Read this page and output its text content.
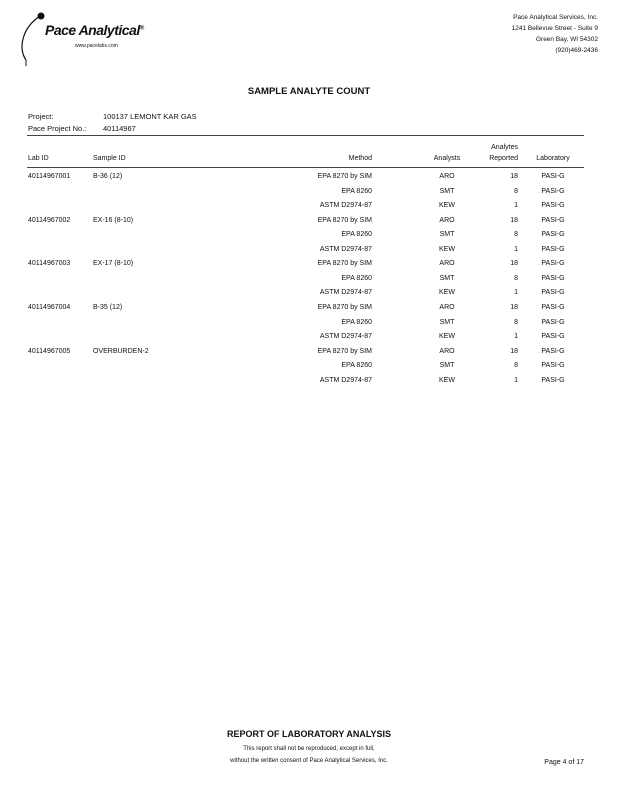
Pace Analytical®
www.pacelabs.com
Pace Analytical Services, Inc.
1241 Bellevue Street - Suite 9
Green Bay, WI 54302
(920)469-2436
SAMPLE ANALYTE COUNT
Project:	100137 LEMONT KAR GAS
Pace Project No.: 40114967
Lab ID	Sample ID	Method	Analysts
Analytes
Reported	Laboratory
40114967001	B-36 (12)	EPA 8270 by SIM	ARO	18	PASI-G
EPA 8260	SMT	8	PASI-G
ASTM D2974-87	KEW	1	PASI-G
40114967002	EX-16 (8-10)	EPA 8270 by SIM	ARO	18	PASI-G
EPA 8260	SMT	8	PASI-G
ASTM D2974-87	KEW	1	PASI-G
40114967003	EX-17 (8-10)	EPA 8270 by SIM	ARO	18	PASI-G
EPA 8260	SMT	8	PASI-G
ASTM D2974-87	KEW	1	PASI-G
40114967004	B-35 (12)	EPA 8270 by SIM	ARO	18	PASI-G
EPA 8260	SMT	8	PASI-G
ASTM D2974-87	KEW	1	PASI-G
40114967005	OVERBURDEN-2	EPA 8270 by SIM	ARO	18	PASI-G
EPA 8260	SMT	8	PASI-G
ASTM D2974-87	KEW	1	PASI-G
REPORT OF LABORATORY ANALYSIS
This report shall not be reproduced, except in full,
without the written consent of Pace Analytical Services, Inc.	Page 4 of 17
